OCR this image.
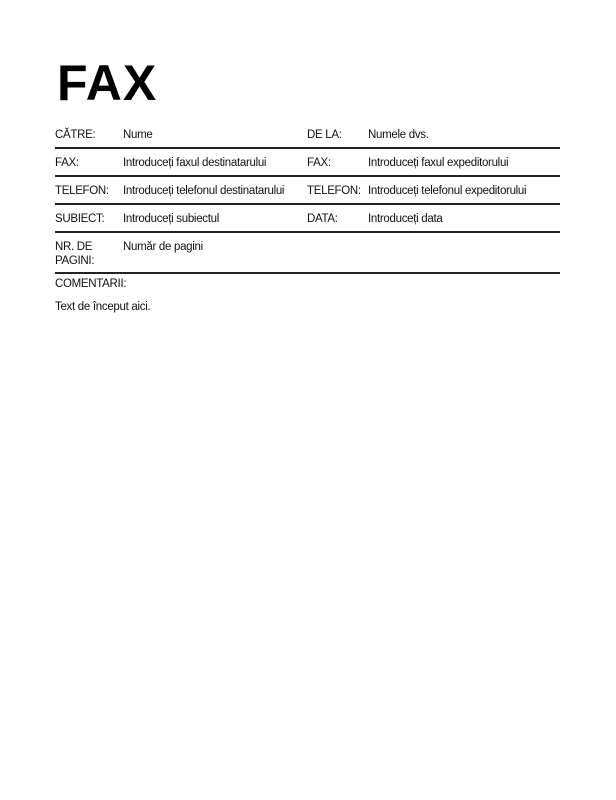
FAX
CĂTRE:	Nume	DE LA: Numele dvs.
FAX:	Introduceți faxul destinatarului	FAX:	Introduceți faxul expeditorului
TELEFON:	Introduceți telefonul destinatarului TELEFON: Introduceți telefonul expeditorului
SUBIECT:	Introduceți subiectul	DATA:	Introduceți data
NR. DE PAGINI:
Număr de pagini
COMENTARII:
Text de început aici.
